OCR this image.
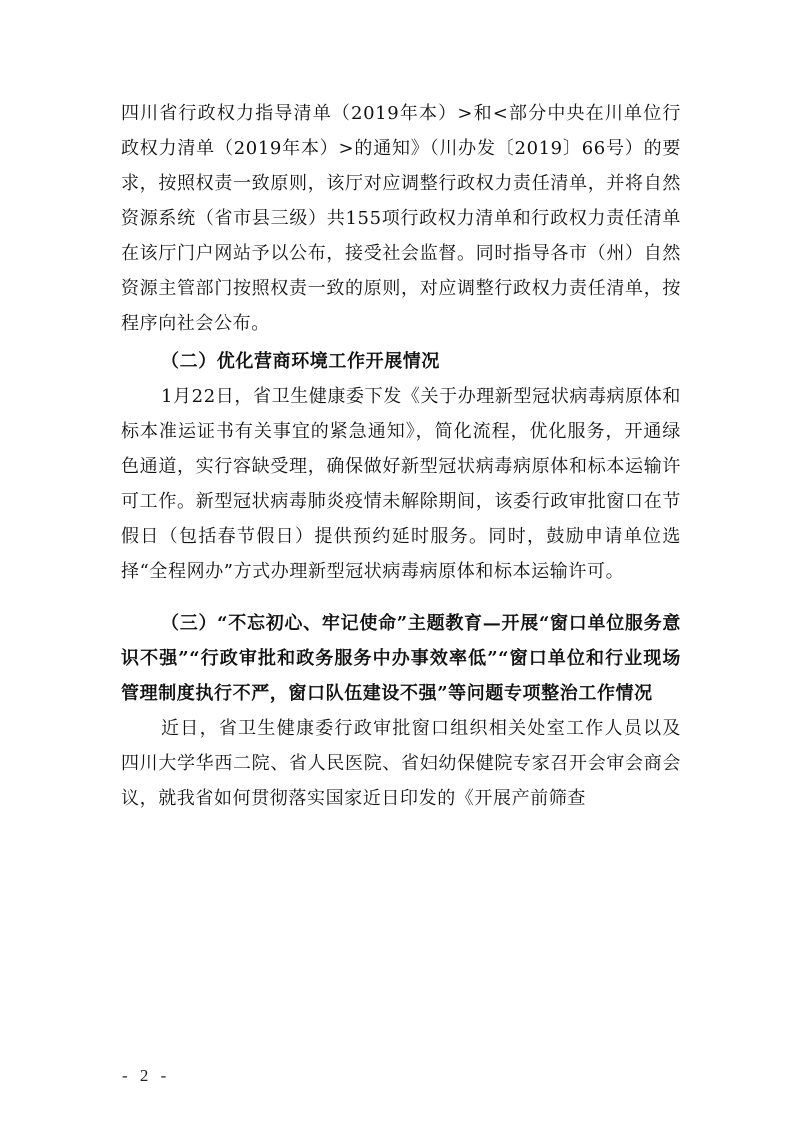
四川省行政权力指导清单（2019年本）>和<部分中央在川单位行政权力清单（2019年本）>的通知》（川办发〔2019〕66号）的要求，按照权责一致原则，该厅对应调整行政权力责任清单，并将自然资源系统（省市县三级）共155项行政权力清单和行政权力责任清单在该厅门户网站予以公布，接受社会监督。同时指导各市（州）自然资源主管部门按照权责一致的原则，对应调整行政权力责任清单，按程序向社会公布。

（二）优化营商环境工作开展情况

1月22日，省卫生健康委下发《关于办理新型冠状病毒病原体和标本准运证书有关事宜的紧急通知》，简化流程，优化服务，开通绿色通道，实行容缺受理，确保做好新型冠状病毒病原体和标本运输许可工作。新型冠状病毒肺炎疫情未解除期间，该委行政审批窗口在节假日（包括春节假日）提供预约延时服务。同时，鼓励申请单位选择“全程网办”方式办理新型冠状病毒病原体和标本运输许可。

（三）“不忘初心、牢记使命”主题教育—开展“窗口单位服务意识不强”“行政审批和政务服务中办事效率低”“窗口单位和行业现场管理制度执行不严，窗口队伍建设不强”等问题专项整治工作情况

近日，省卫生健康委行政审批窗口组织相关处室工作人员以及四川大学华西二院、省人民医院、省妇幼保健院专家召开会审会商会议，就我省如何贯彻落实国家近日印发的《开展产前筛查

- 2 -
